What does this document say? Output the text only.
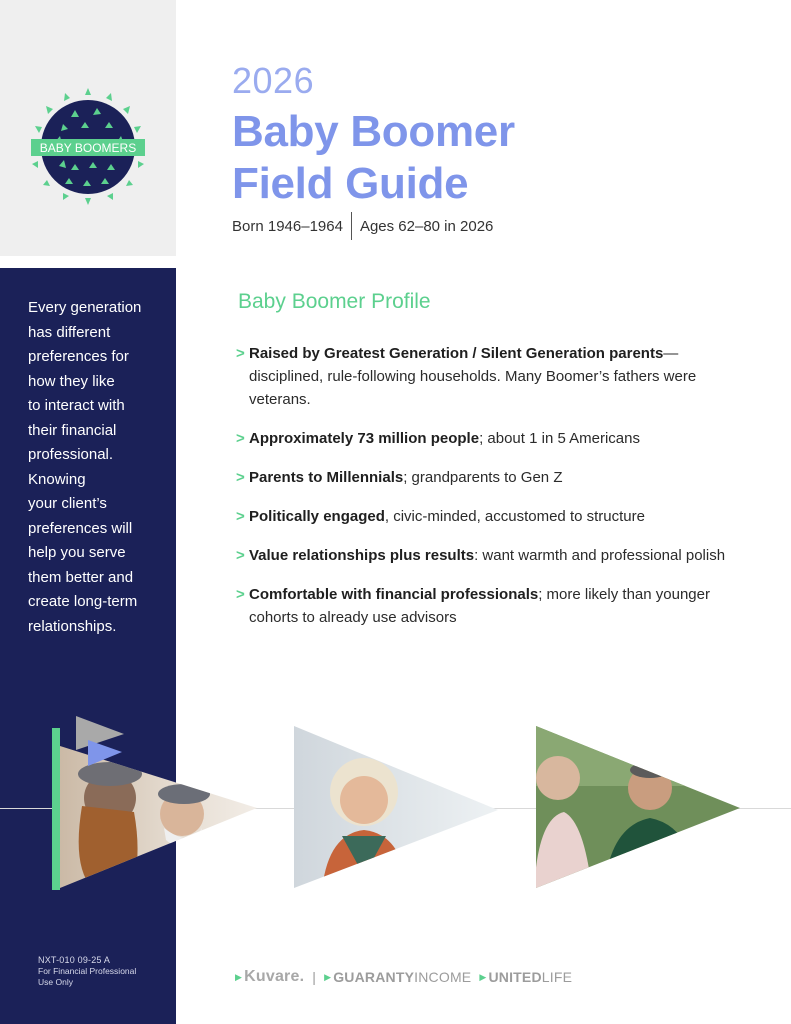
BABY BOOMERS
2026
Baby Boomer
Field Guide
Born 1946–1964 Ages 62–80 in 2026
Every generation
has different
preferences for
how they like
to interact with
their financial
professional.
Knowing
your client’s
preferences will
help you serve
them better and
create long-term
relationships.
Baby Boomer Profile
> Raised by Greatest Generation / Silent Generation parents—disciplined, rule-following households. Many Boomer’s fathers were veterans.
> Approximately 73 million people; about 1 in 5 Americans
> Parents to Millennials; grandparents to Gen Z
> Politically engaged, civic-minded, accustomed to structure
> Value relationships plus results: want warmth and professional polish
> Comfortable with financial professionals; more likely than younger cohorts to already use advisors
NXT-010 09-25 A
For Financial Professional
Use Only
▶ Kuvare. | ▶ GUARANTY INCOME ▶ UNITED LIFE
